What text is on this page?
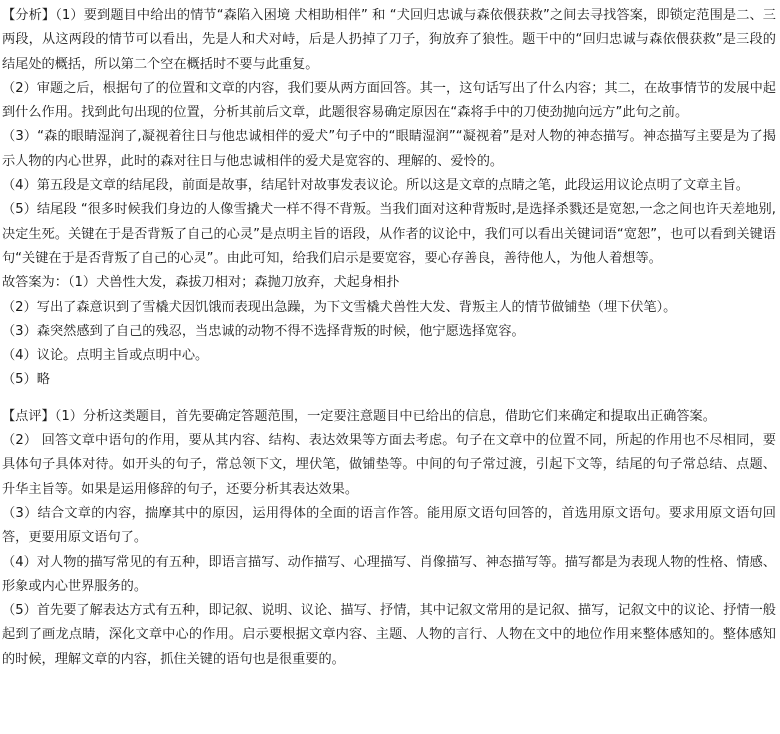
【分析】（1）要到题目中给出的情节“森陷入困境 犬相助相伴” 和 “犬回归忠诚与森依偎获救”之间去寻找答案，即锁定范围是二、三两段，从这两段的情节可以看出，先是人和犬对峙，后是人扔掉了刀子，狗放弃了狼性。题干中的“回归忠诚与森依偎获救”是三段的结尾处的概括，所以第二个空在概括时不要与此重复。

（2）审题之后，根据句了的位置和文章的内容，我们要从两方面回答。其一，这句话写出了什么内容；其二，在故事情节的发展中起到什么作用。找到此句出现的位置，分析其前后文章，此题很容易确定原因在“森将手中的刀使劲抛向远方”此句之前。

（3）“森的眼睛湿润了,凝视着往日与他忠诚相伴的爱犬”句子中的“眼睛湿润”“凝视着”是对人物的神态描写。神态描写主要是为了揭示人物的内心世界，此时的森对往日与他忠诚相伴的爱犬是宽容的、理解的、爱怜的。

（4）第五段是文章的结尾段，前面是故事，结尾针对故事发表议论。所以这是文章的点睛之笔，此段运用议论点明了文章主旨。

（5）结尾段 “很多时候我们身边的人像雪撬犬一样不得不背叛。当我们面对这种背叛时,是选择杀戮还是宽恕,一念之间也许天差地别,决定生死。关键在于是否背叛了自己的心灵”是点明主旨的语段，从作者的议论中，我们可以看出关键词语“宽恕”，也可以看到关键语句“关键在于是否背叛了自己的心灵”。由此可知，给我们启示是要宽容，要心存善良，善待他人，为他人着想等。

故答案为：（1）犬兽性大发，森拔刀相对；森抛刀放弃，犬起身相扑

（2）写出了森意识到了雪橇犬因饥饿而表现出急躁，为下文雪橇犬兽性大发、背叛主人的情节做铺垫（埋下伏笔）。

（3）森突然感到了自己的残忍，当忠诚的动物不得不选择背叛的时候，他宁愿选择宽容。

（4）议论。点明主旨或点明中心。

（5）略

【点评】（1）分析这类题目，首先要确定答题范围，一定要注意题目中已给出的信息，借助它们来确定和提取出正确答案。

（2） 回答文章中语句的作用，要从其内容、结构、表达效果等方面去考虑。句子在文章中的位置不同，所起的作用也不尽相同，要具体句子具体对待。如开头的句子，常总领下文，埋伏笔，做铺垫等。中间的句子常过渡，引起下文等，结尾的句子常总结、点题、升华主旨等。如果是运用修辞的句子，还要分析其表达效果。

（3）结合文章的内容，揣摩其中的原因，运用得体的全面的语言作答。能用原文语句回答的，首选用原文语句。要求用原文语句回答，更要用原文语句了。

（4）对人物的描写常见的有五种，即语言描写、动作描写、心理描写、肖像描写、神态描写等。描写都是为表现人物的性格、情感、形象或内心世界服务的。

（5）首先要了解表达方式有五种，即记叙、说明、议论、描写、抒情，其中记叙文常用的是记叙、描写，记叙文中的议论、抒情一般起到了画龙点睛，深化文章中心的作用。启示要根据文章内容、主题、人物的言行、人物在文中的地位作用来整体感知的。整体感知的时候，理解文章的内容，抓住关键的语句也是很重要的。
